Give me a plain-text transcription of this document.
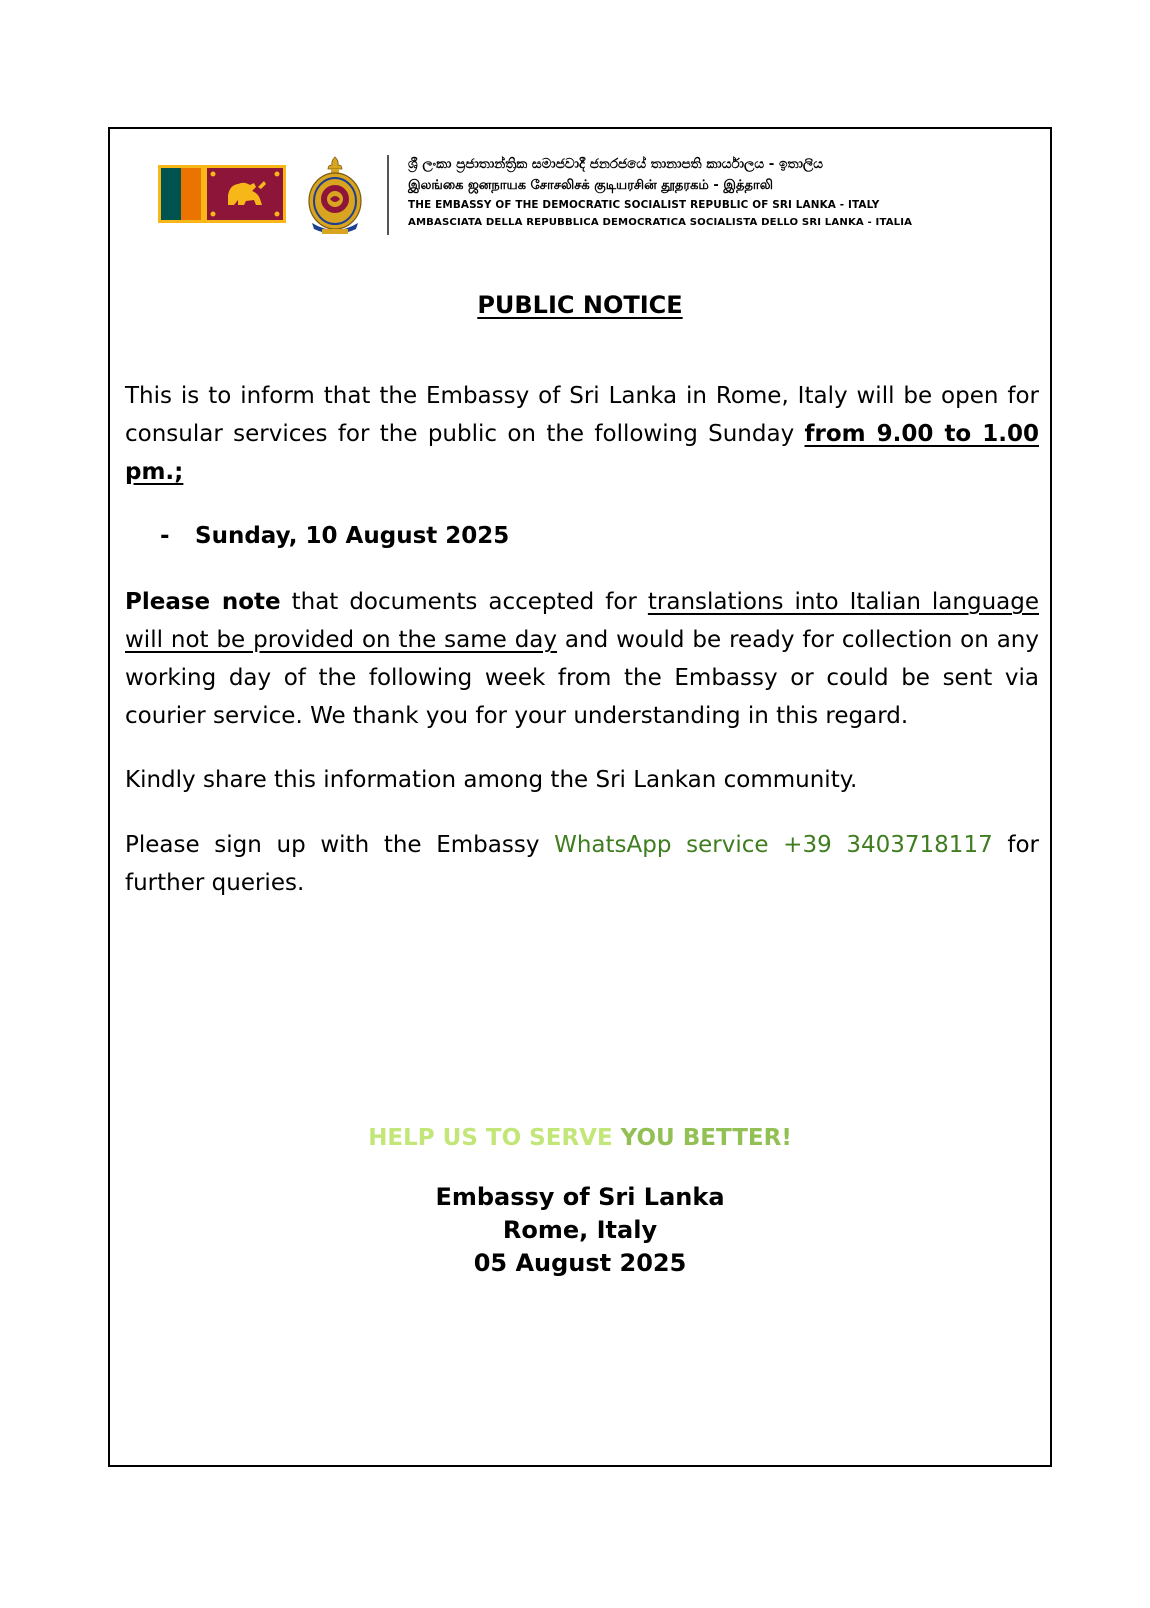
ශ්‍රී ලංකා ප්‍රජාතාන්ත්‍රික සමාජවාදී ජනරජයේ තානාපති කාර්යාලය - ඉතාලිය
இலங்கை ஜனநாயக சோசலிசக் குடியரசின் தூதரகம் - இத்தாலி
THE EMBASSY OF THE DEMOCRATIC SOCIALIST REPUBLIC OF SRI LANKA - ITALY
AMBASCIATA DELLA REPUBBLICA DEMOCRATICA SOCIALISTA DELLO SRI LANKA - ITALIA
PUBLIC NOTICE
This is to inform that the Embassy of Sri Lanka in Rome, Italy will be open for consular services for the public on the following Sunday from 9.00 to 1.00 pm.;
- Sunday, 10 August 2025
Please note that documents accepted for translations into Italian language will not be provided on the same day and would be ready for collection on any working day of the following week from the Embassy or could be sent via courier service. We thank you for your understanding in this regard.
Kindly share this information among the Sri Lankan community.
Please sign up with the Embassy WhatsApp service +39 3403718117 for further queries.
HELP US TO SERVE YOU BETTER!
Embassy of Sri Lanka
Rome, Italy
05 August 2025
